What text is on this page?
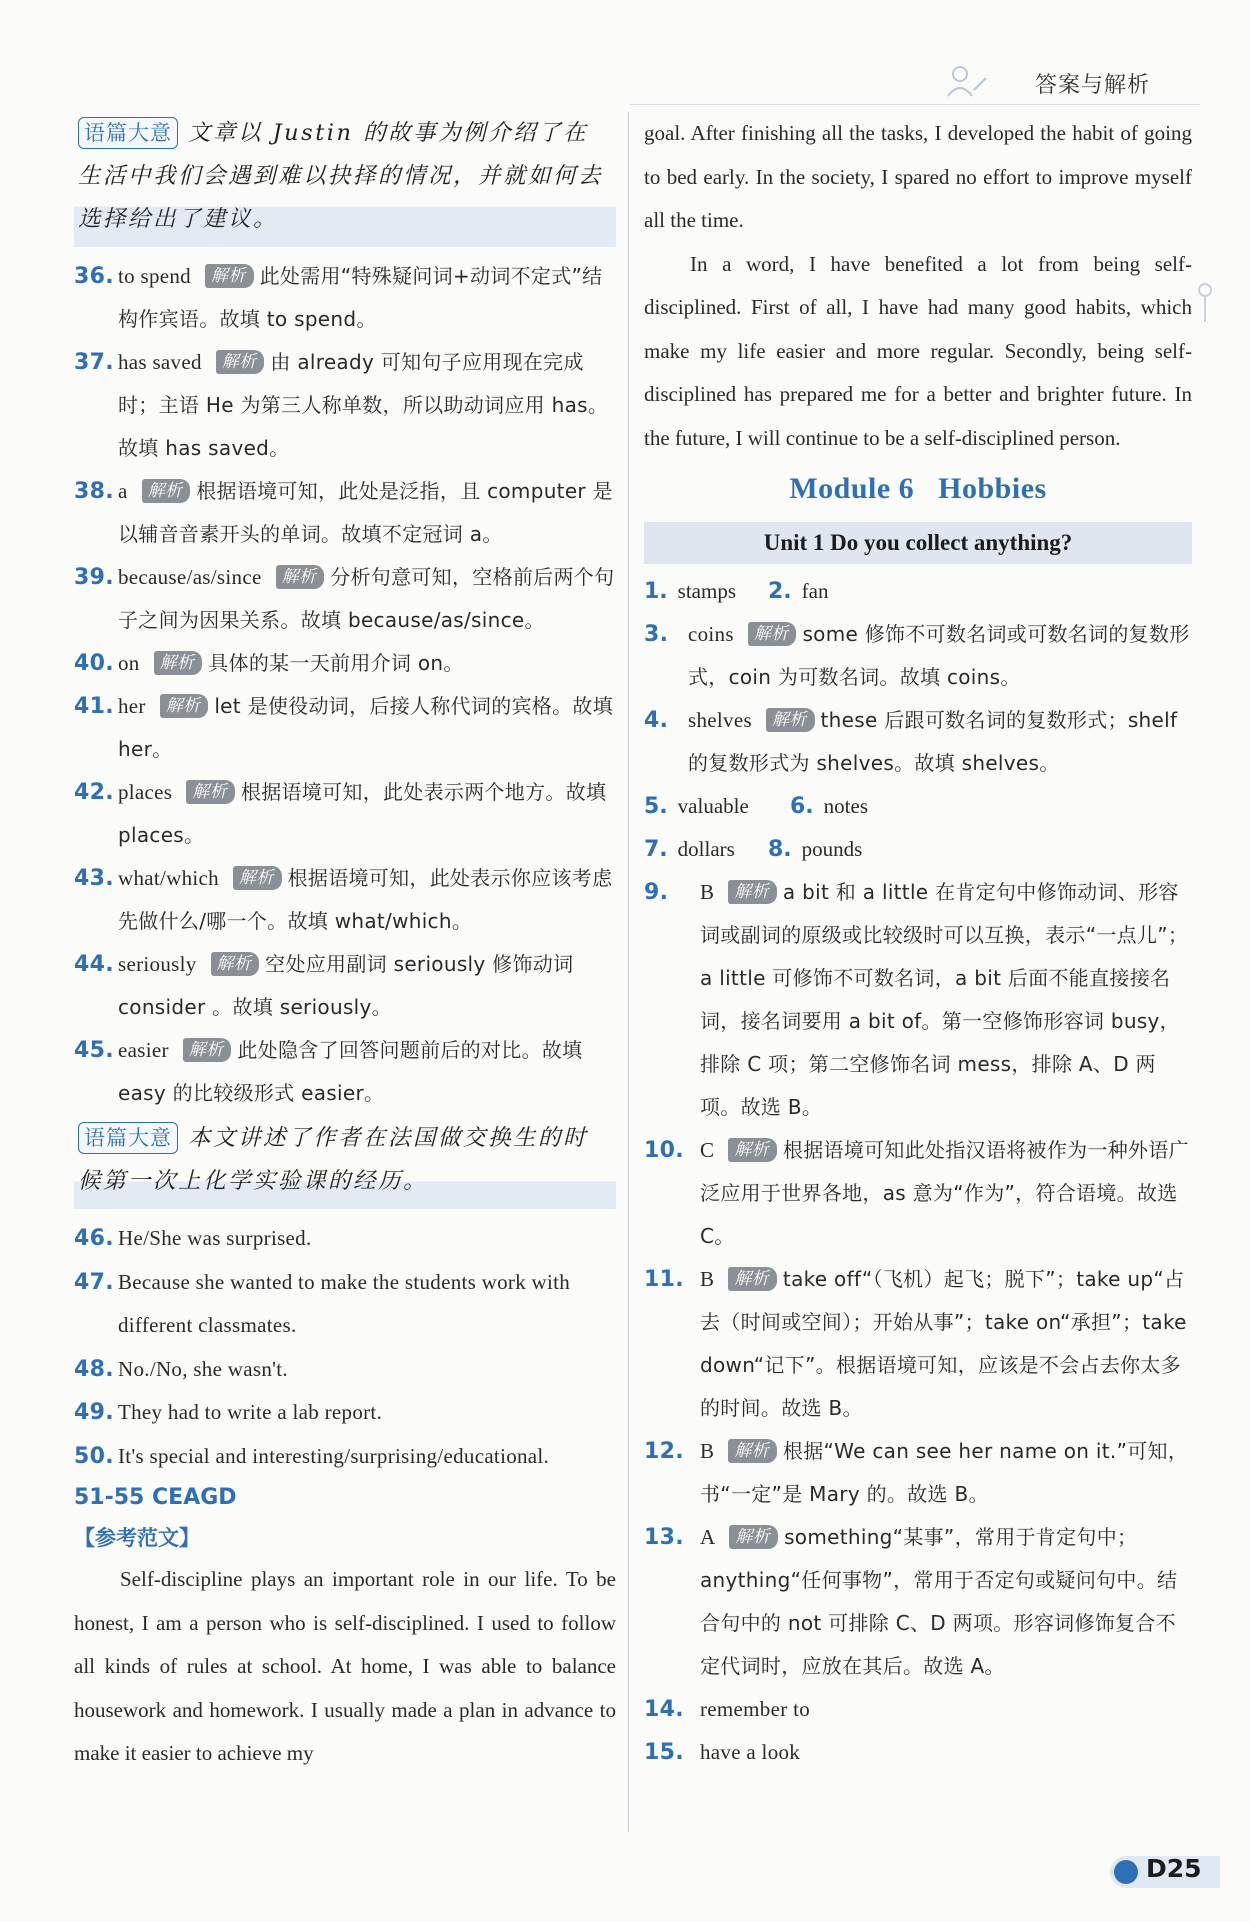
答案与解析
语篇大意 文章以 Justin 的故事为例介绍了在生活中我们会遇到难以抉择的情况，并就如何去选择给出了建议。
36. to spend 解析 此处需用“特殊疑问词+动词不定式”结构作宾语。故填 to spend。
37. has saved 解析 由 already 可知句子应用现在完成时；主语 He 为第三人称单数，所以助动词应用 has。故填 has saved。
38. a 解析 根据语境可知，此处是泛指，且 computer 是以辅音音素开头的单词。故填不定冠词 a。
39. because/as/since 解析 分析句意可知，空格前后两个句子之间为因果关系。故填 because/as/since。
40. on 解析 具体的某一天前用介词 on。
41. her 解析 let 是使役动词，后接人称代词的宾格。故填 her。
42. places 解析 根据语境可知，此处表示两个地方。故填 places。
43. what/which 解析 根据语境可知，此处表示你应该考虑先做什么/哪一个。故填 what/which。
44. seriously 解析 空处应用副词 seriously 修饰动词 consider 。故填 seriously。
45. easier 解析 此处隐含了回答问题前后的对比。故填 easy 的比较级形式 easier。
语篇大意 本文讲述了作者在法国做交换生的时候第一次上化学实验课的经历。
46. He/She was surprised.
47. Because she wanted to make the students work with different classmates.
48. No./No, she wasn't.
49. They had to write a lab report.
50. It's special and interesting/surprising/educational.
51-55 CEAGD
【参考范文】
Self-discipline plays an important role in our life. To be honest, I am a person who is self-disciplined. I used to follow all kinds of rules at school. At home, I was able to balance housework and homework. I usually made a plan in advance to make it easier to achieve my
goal. After finishing all the tasks, I developed the habit of going to bed early. In the society, I spared no effort to improve myself all the time.
In a word, I have benefited a lot from being self-disciplined. First of all, I have had many good habits, which make my life easier and more regular. Secondly, being self-disciplined has prepared me for a better and brighter future. In the future, I will continue to be a self-disciplined person.
Module 6 Hobbies
Unit 1 Do you collect anything?
1. stamps	2. fan
3. coins 解析 some 修饰不可数名词或可数名词的复数形式，coin 为可数名词。故填 coins。
4. shelves 解析 these 后跟可数名词的复数形式；shelf 的复数形式为 shelves。故填 shelves。
5. valuable	6. notes
7. dollars	8. pounds
9. B 解析 a bit 和 a little 在肯定句中修饰动词、形容词或副词的原级或比较级时可以互换，表示“一点儿”；a little 可修饰不可数名词，a bit 后面不能直接接名词，接名词要用 a bit of。第一空修饰形容词 busy，排除 C 项；第二空修饰名词 mess，排除 A、D 两项。故选 B。
10. C 解析 根据语境可知此处指汉语将被作为一种外语广泛应用于世界各地，as 意为“作为”，符合语境。故选 C。
11. B 解析 take off“（飞机）起飞；脱下”；take up“占去（时间或空间）；开始从事”；take on“承担”；take down“记下”。根据语境可知，应该是不会占去你太多的时间。故选 B。
12. B 解析 根据“We can see her name on it.”可知，书“一定”是 Mary 的。故选 B。
13. A 解析 something“某事”，常用于肯定句中；anything“任何事物”，常用于否定句或疑问句中。结合句中的 not 可排除 C、D 两项。形容词修饰复合不定代词时，应放在其后。故选 A。
14. remember to
15. have a look
D25
